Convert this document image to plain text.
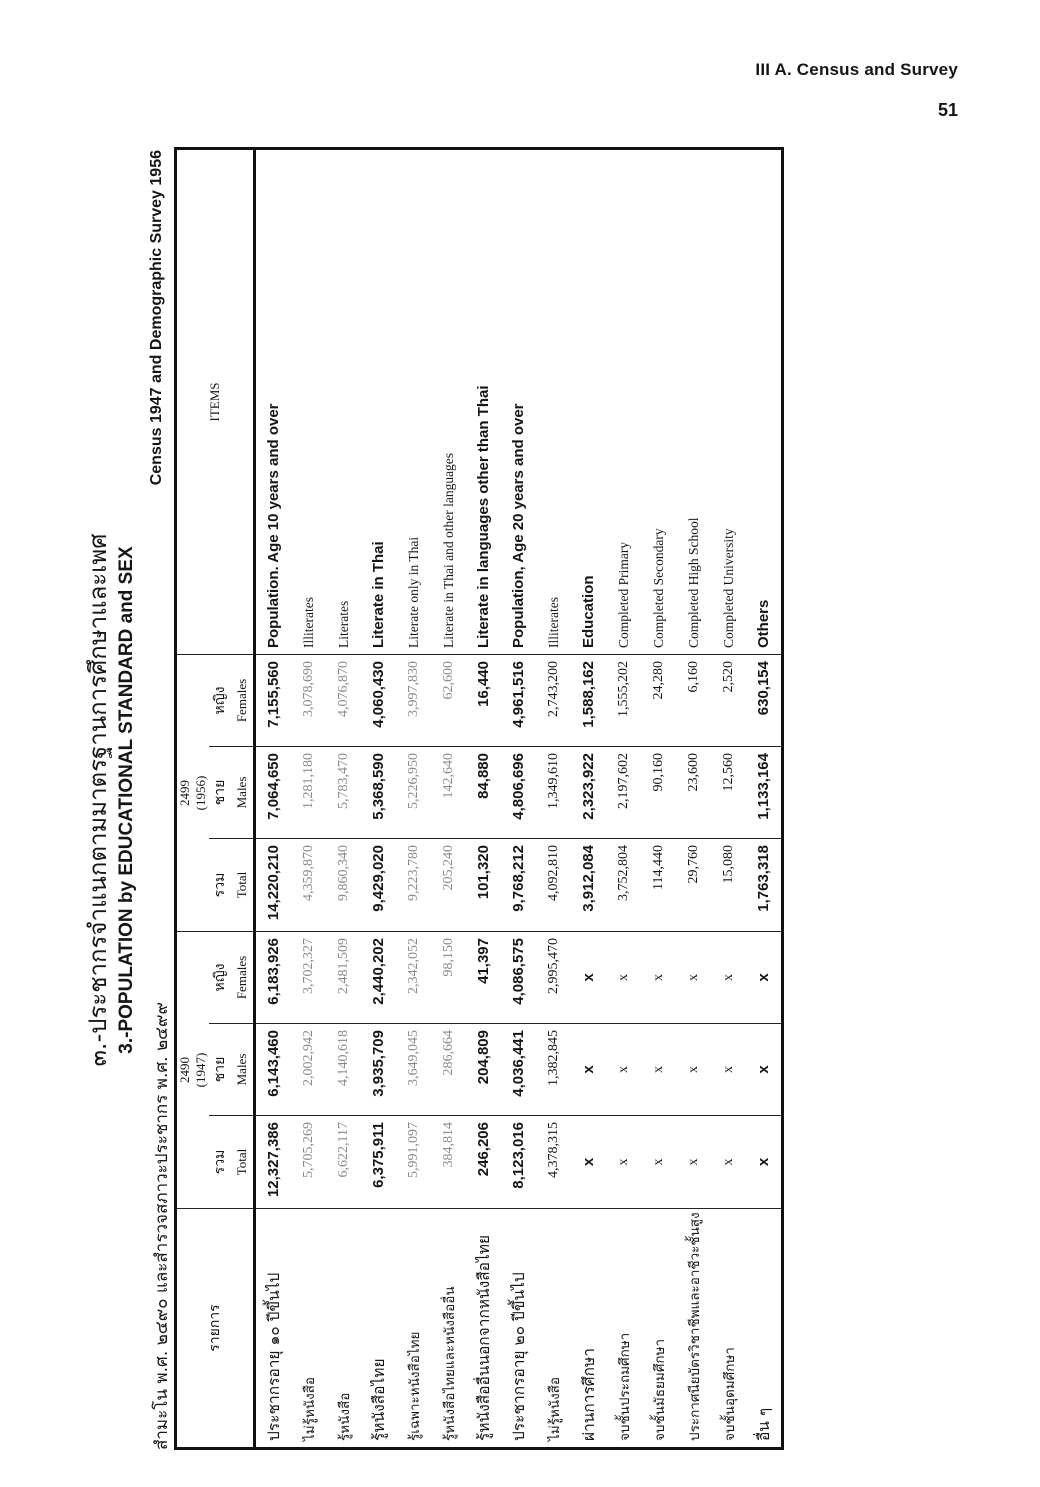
III A. Census and Survey
51
๓.-ประชากรจำแนกตามมาตรฐานการศึกษาและเพศ 3.-POPULATION by EDUCATIONAL STANDARD and SEX
สำมะโน พ.ศ. ๒๔๙๐ และสำรวจสภาวะประชากร พ.ศ. ๒๔๙๙
Census 1947 and Demographic Survey 1956
รายการ	2490
(1947)			2499
(1956)			ITEMS
	รวม	ชาย	หญิง	รวม	ชาย	หญิง	
	Total	Males	Females	Total	Males	Females	
ประชากรอายุ ๑๐ ปีขึ้นไป	12,327,386	6,143,460	6,183,926	14,220,210	7,064,650	7,155,560	Population. Age 10 years and over
ไม่รู้หนังสือ	5,705,269	2,002,942	3,702,327	4,359,870	1,281,180	3,078,690	Illiterates
รู้หนังสือ	6,622,117	4,140,618	2,481,509	9,860,340	5,783,470	4,076,870	Literates
รู้หนังสือไทย	6,375,911	3,935,709	2,440,202	9,429,020	5,368,590	4,060,430	Literate in Thai
รู้เฉพาะหนังสือไทย	5,991,097	3,649,045	2,342,052	9,223,780	5,226,950	3,997,830	Literate only in Thai
รู้หนังสือไทยและหนังสืออื่น	384,814	286,664	98,150	205,240	142,640	62,600	Literate in Thai and other languages
รู้หนังสืออื่นนอกจากหนังสือไทย	246,206	204,809	41,397	101,320	84,880	16,440	Literate in languages other than Thai
ประชากรอายุ ๒๐ ปีขึ้นไป	8,123,016	4,036,441	4,086,575	9,768,212	4,806,696	4,961,516	Population, Age 20 years and over
ไม่รู้หนังสือ	4,378,315	1,382,845	2,995,470	4,092,810	1,349,610	2,743,200	Illiterates
ผ่านการศึกษา	x	x	x	3,912,084	2,323,922	1,588,162	Education
จบชั้นประถมศึกษา	x	x	x	3,752,804	2,197,602	1,555,202	Completed Primary
จบชั้นมัธยมศึกษา	x	x	x	114,440	90,160	24,280	Completed Secondary
ประกาศนียบัตรวิชาชีพและอาชีวะชั้นสูง	x	x	x	29,760	23,600	6,160	Completed High School
จบชั้นอุดมศึกษา	x	x	x	15,080	12,560	2,520	Completed University
อื่น ๆ	x	x	x	1,763,318	1,133,164	630,154	Others
